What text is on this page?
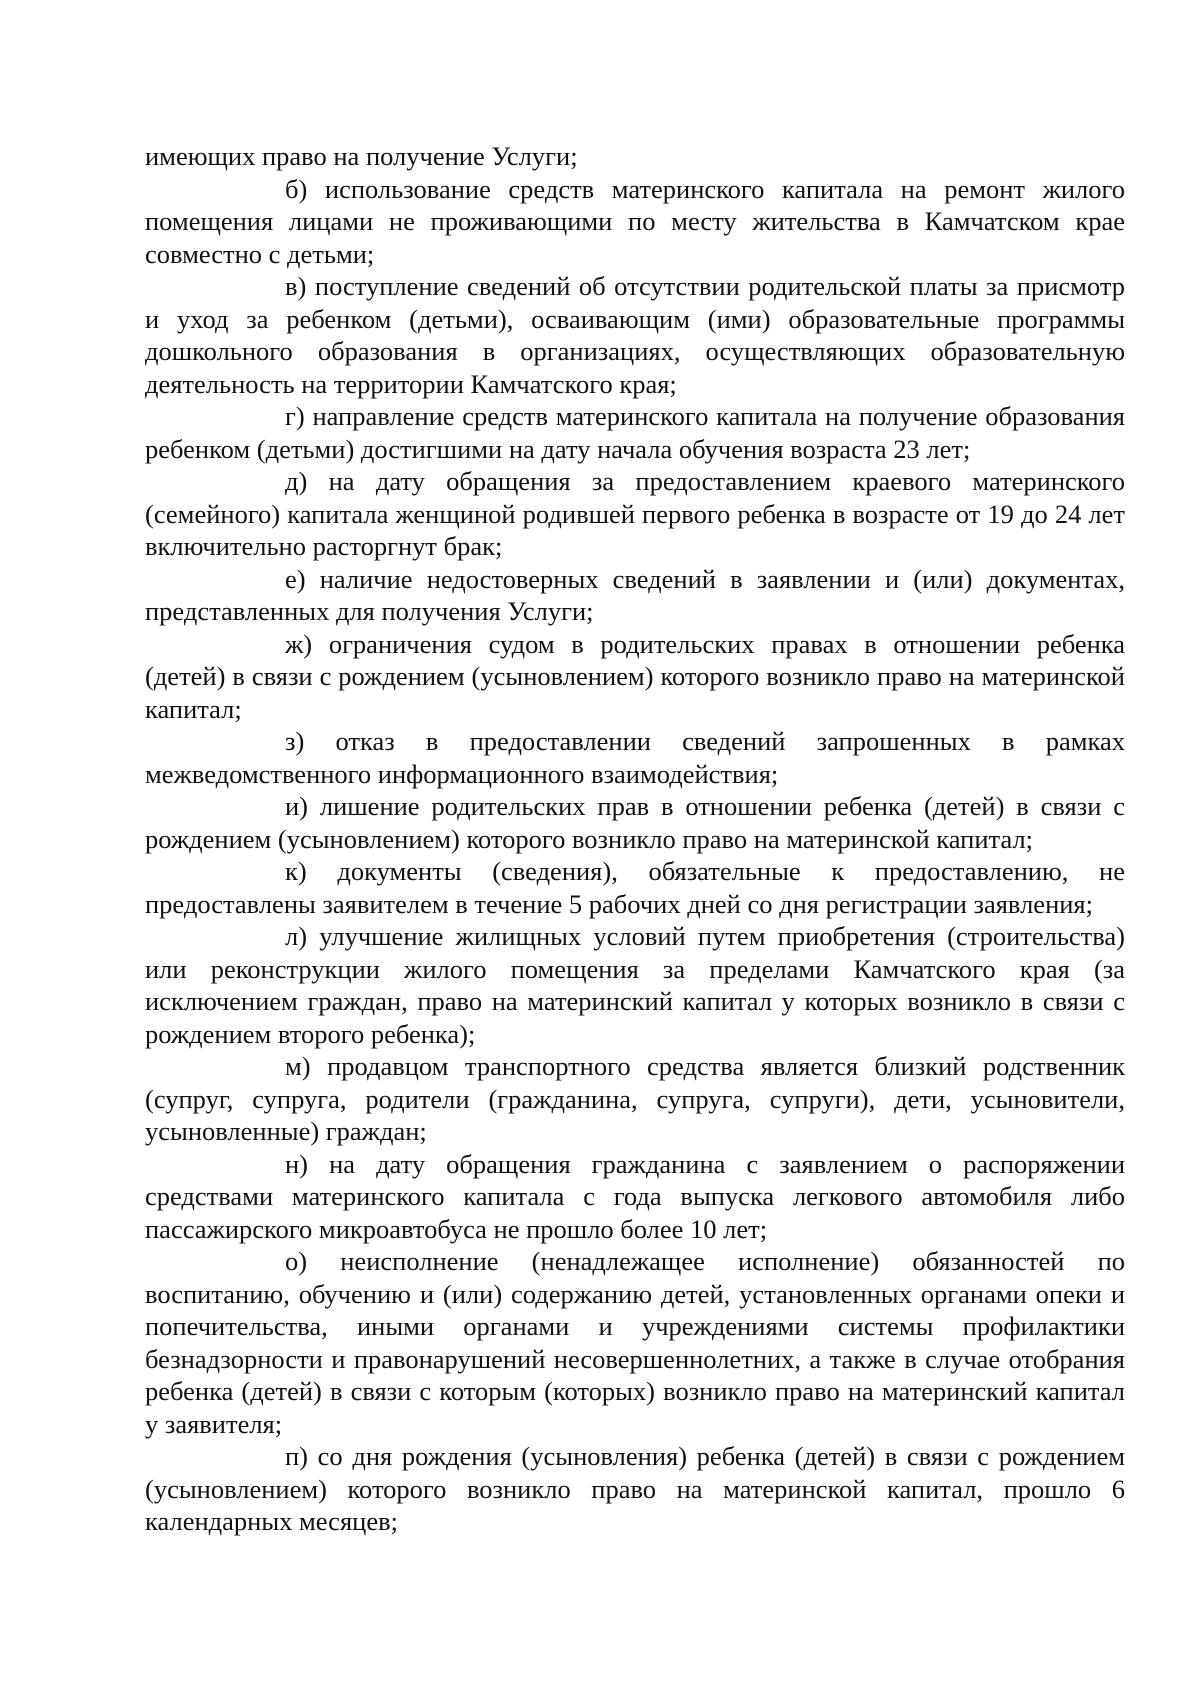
имеющих право на получение Услуги;

б) использование средств материнского капитала на ремонт жилого помещения лицами не проживающими по месту жительства в Камчатском крае совместно с детьми;

в) поступление сведений об отсутствии родительской платы за присмотр и уход за ребенком (детьми), осваивающим (ими) образовательные программы дошкольного образования в организациях, осуществляющих образовательную деятельность на территории Камчатского края;

г) направление средств материнского капитала на получение образования ребенком (детьми) достигшими на дату начала обучения возраста 23 лет;

д) на дату обращения за предоставлением краевого материнского (семейного) капитала женщиной родившей первого ребенка в возрасте от 19 до 24 лет включительно расторгнут брак;

е) наличие недостоверных сведений в заявлении и (или) документах, представленных для получения Услуги;

ж) ограничения судом в родительских правах в отношении ребенка (детей) в связи с рождением (усыновлением) которого возникло право на материнской капитал;

з) отказ в предоставлении сведений запрошенных в рамках межведомственного информационного взаимодействия;

и) лишение родительских прав в отношении ребенка (детей) в связи с рождением (усыновлением) которого возникло право на материнской капитал;

к) документы (сведения), обязательные к предоставлению, не предоставлены заявителем в течение 5 рабочих дней со дня регистрации заявления;

л) улучшение жилищных условий путем приобретения (строительства) или реконструкции жилого помещения за пределами Камчатского края (за исключением граждан, право на материнский капитал у которых возникло в связи с рождением второго ребенка);

м) продавцом транспортного средства является близкий родственник (супруг, супруга, родители (гражданина, супруга, супруги), дети, усыновители, усыновленные) граждан;

н) на дату обращения гражданина с заявлением о распоряжении средствами материнского капитала с года выпуска легкового автомобиля либо пассажирского микроавтобуса не прошло более 10 лет;

о) неисполнение (ненадлежащее исполнение) обязанностей по воспитанию, обучению и (или) содержанию детей, установленных органами опеки и попечительства, иными органами и учреждениями системы профилактики безнадзорности и правонарушений несовершеннолетних, а также в случае отобрания ребенка (детей) в связи с которым (которых) возникло право на материнский капитал у заявителя;

п) со дня рождения (усыновления) ребенка (детей) в связи с рождением (усыновлением) которого возникло право на материнской капитал, прошло 6 календарных месяцев;
